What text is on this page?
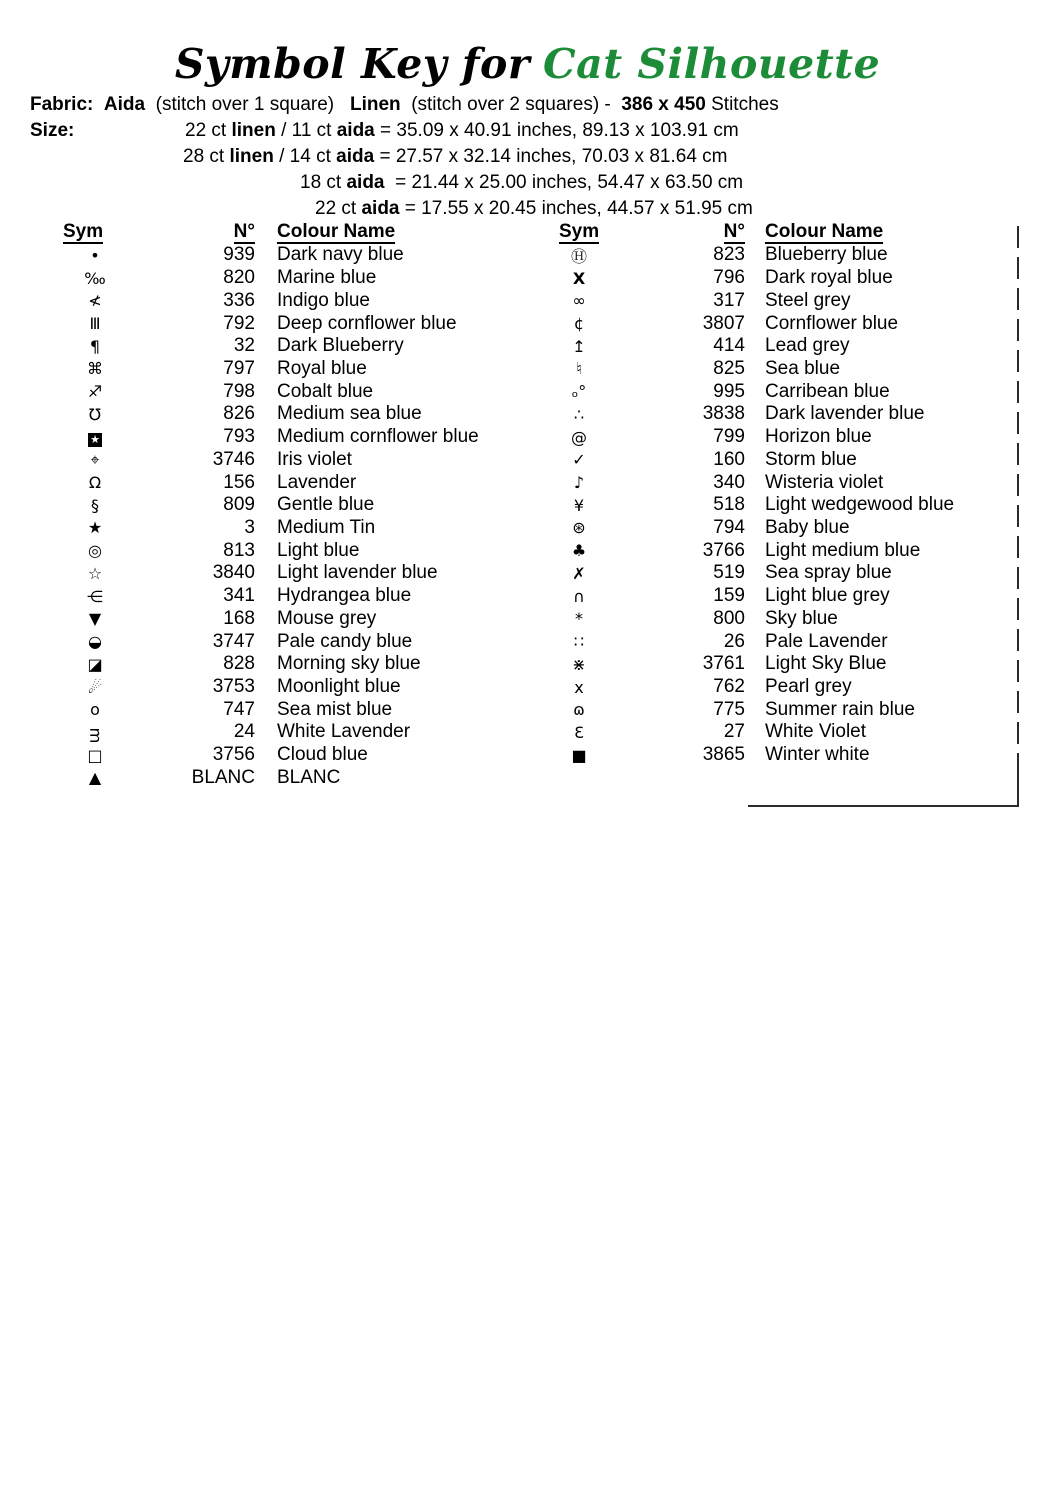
Symbol Key for Cat Silhouette
Fabric: Aida  (stitch over 1 square)   Linen  (stitch over 2 squares) -  386 x 450 Stitches
Size:	22 ct linen / 11 ct aida = 35.09 x 40.91 inches, 89.13 x 103.91 cm
28 ct linen / 14 ct aida = 27.57 x 32.14 inches, 70.03 x 81.64 cm
18 ct aida  = 21.44 x 25.00 inches, 54.47 x 63.50 cm
22 ct aida = 17.55 x 20.45 inches, 44.57 x 51.95 cm
Sym	N°	Colour Name
•	939	Dark navy blue
‰	820	Marine blue
≮	336	Indigo blue
Ⅲ	792	Deep cornflower blue
¶	32	Dark Blueberry
⌘	797	Royal blue
♐	798	Cobalt blue
℧	826	Medium sea blue
★	793	Medium cornflower blue
⌖	3746	Iris violet
Ω	156	Lavender
§	809	Gentle blue
★	3	Medium Tin
◎	813	Light blue
☆	3840	Light lavender blue
⋲	341	Hydrangea blue
▼	168	Mouse grey
◒	3747	Pale candy blue
◪	828	Morning sky blue
☄	3753	Moonlight blue
o	747	Sea mist blue
ᴟ	24	White Lavender
□	3756	Cloud blue
▲	BLANC	BLANC
Sym	N°	Colour Name
Ⓗ	823	Blueberry blue
X	796	Dark royal blue
∞	317	Steel grey
¢	3807	Cornflower blue
↥	414	Lead grey
♮	825	Sea blue
ₒ°	995	Carribean blue
∴	3838	Dark lavender blue
@	799	Horizon blue
✓	160	Storm blue
♪	340	Wisteria violet
¥	518	Light wedgewood blue
⊛	794	Baby blue
♣	3766	Light medium blue
✗	519	Sea spray blue
∩	159	Light blue grey
*	800	Sky blue
∷	26	Pale Lavender
⋇	3761	Light Sky Blue
x	762	Pearl grey
ɷ	775	Summer rain blue
Ɛ	27	White Violet
■	3865	Winter white
